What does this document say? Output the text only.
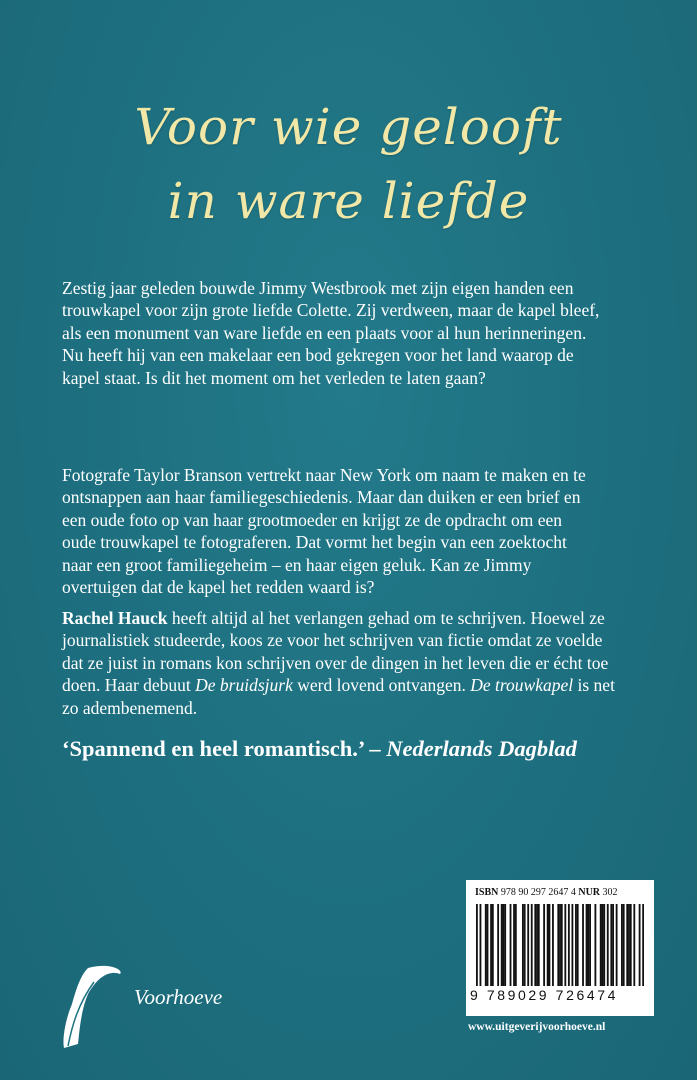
Voor wie gelooft
in ware liefde
Zestig jaar geleden bouwde Jimmy Westbrook met zijn eigen handen een
trouwkapel voor zijn grote liefde Colette. Zij verdween, maar de kapel bleef,
als een monument van ware liefde en een plaats voor al hun herinneringen.
Nu heeft hij van een makelaar een bod gekregen voor het land waarop de
kapel staat. Is dit het moment om het verleden te laten gaan?
Fotografe Taylor Branson vertrekt naar New York om naam te maken en te
ontsnappen aan haar familiegeschiedenis. Maar dan duiken er een brief en
een oude foto op van haar grootmoeder en krijgt ze de opdracht om een
oude trouwkapel te fotograferen. Dat vormt het begin van een zoektocht
naar een groot familiegeheim – en haar eigen geluk. Kan ze Jimmy
overtuigen dat de kapel het redden waard is?
Rachel Hauck heeft altijd al het verlangen gehad om te schrijven. Hoewel ze
journalistiek studeerde, koos ze voor het schrijven van fictie omdat ze voelde
dat ze juist in romans kon schrijven over de dingen in het leven die er écht toe
doen. Haar debuut De bruidsjurk werd lovend ontvangen. De trouwkapel is net
zo adembenemend.
‘Spannend en heel romantisch.’ – Nederlands Dagblad
Voorhoeve
ISBN 978 90 297 2647 4 NUR 302
9 789029 726474
www.uitgeverijvoorhoeve.nl
